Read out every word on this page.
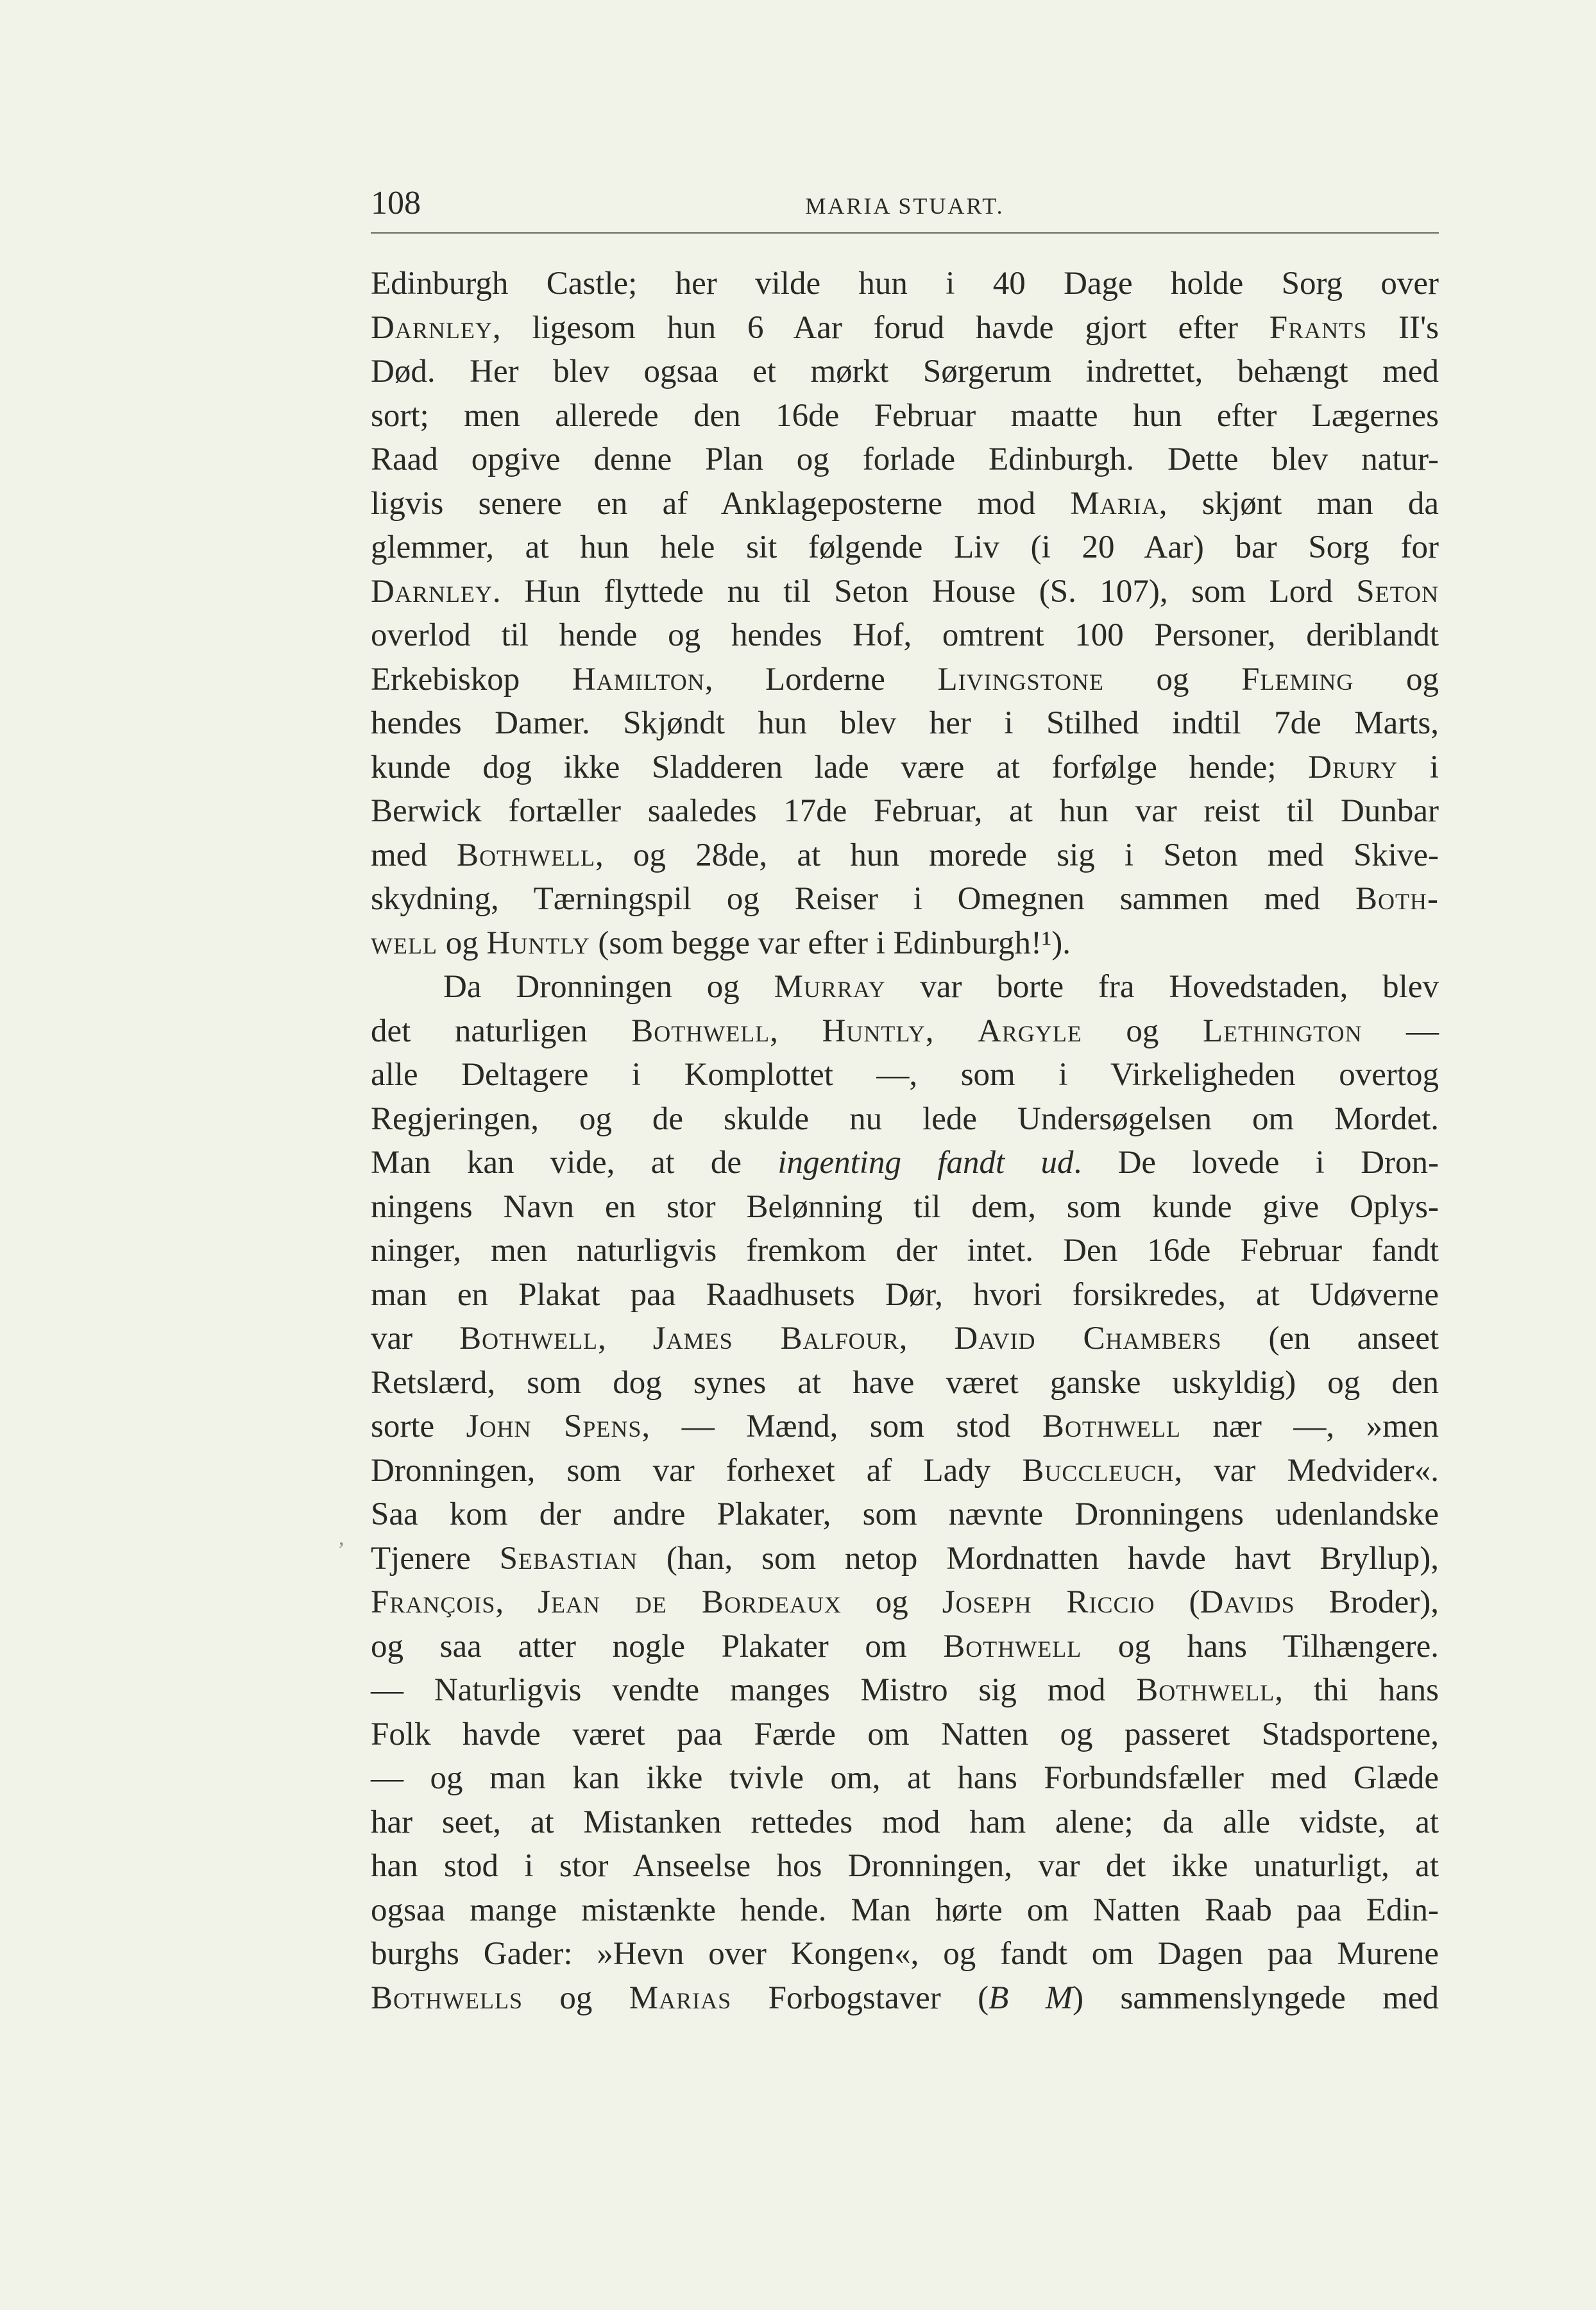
108	MARIA STUART.
,
Edinburgh Castle; her vilde hun i 40 Dage holde Sorg over
Darnley, ligesom hun 6 Aar forud havde gjort efter Frants II's
Død. Her blev ogsaa et mørkt Sørgerum indrettet, behængt med
sort; men allerede den 16de Februar maatte hun efter Lægernes
Raad opgive denne Plan og forlade Edinburgh. Dette blev natur-
ligvis senere en af Anklageposterne mod Maria, skjønt man da
glemmer, at hun hele sit følgende Liv (i 20 Aar) bar Sorg for
Darnley. Hun flyttede nu til Seton House (S. 107), som Lord Seton
overlod til hende og hendes Hof, omtrent 100 Personer, deriblandt
Erkebiskop Hamilton, Lorderne Livingstone og Fleming og
hendes Damer. Skjøndt hun blev her i Stilhed indtil 7de Marts,
kunde dog ikke Sladderen lade være at forfølge hende; Drury i
Berwick fortæller saaledes 17de Februar, at hun var reist til Dunbar
med Bothwell, og 28de, at hun morede sig i Seton med Skive-
skydning, Tærningspil og Reiser i Omegnen sammen med Both-
well og Huntly (som begge var efter i Edinburgh!¹).
Da Dronningen og Murray var borte fra Hovedstaden, blev
det naturligen Bothwell, Huntly, Argyle og Lethington —
alle Deltagere i Komplottet —, som i Virkeligheden overtog
Regjeringen, og de skulde nu lede Undersøgelsen om Mordet.
Man kan vide, at de ingenting fandt ud. De lovede i Dron-
ningens Navn en stor Belønning til dem, som kunde give Oplys-
ninger, men naturligvis fremkom der intet. Den 16de Februar fandt
man en Plakat paa Raadhusets Dør, hvori forsikredes, at Udøverne
var Bothwell, James Balfour, David Chambers (en anseet
Retslærd, som dog synes at have været ganske uskyldig) og den
sorte John Spens, — Mænd, som stod Bothwell nær —, »men
Dronningen, som var forhexet af Lady Buccleuch, var Medvider«.
Saa kom der andre Plakater, som nævnte Dronningens udenlandske
Tjenere Sebastian (han, som netop Mordnatten havde havt Bryllup),
François, Jean de Bordeaux og Joseph Riccio (Davids Broder),
og saa atter nogle Plakater om Bothwell og hans Tilhængere.
— Naturligvis vendte manges Mistro sig mod Bothwell, thi hans
Folk havde været paa Færde om Natten og passeret Stadsportene,
— og man kan ikke tvivle om, at hans Forbundsfæller med Glæde
har seet, at Mistanken rettedes mod ham alene; da alle vidste, at
han stod i stor Anseelse hos Dronningen, var det ikke unaturligt, at
ogsaa mange mistænkte hende. Man hørte om Natten Raab paa Edin-
burghs Gader: »Hevn over Kongen«, og fandt om Dagen paa Murene
Bothwells og Marias Forbogstaver (B M) sammenslyngede med
